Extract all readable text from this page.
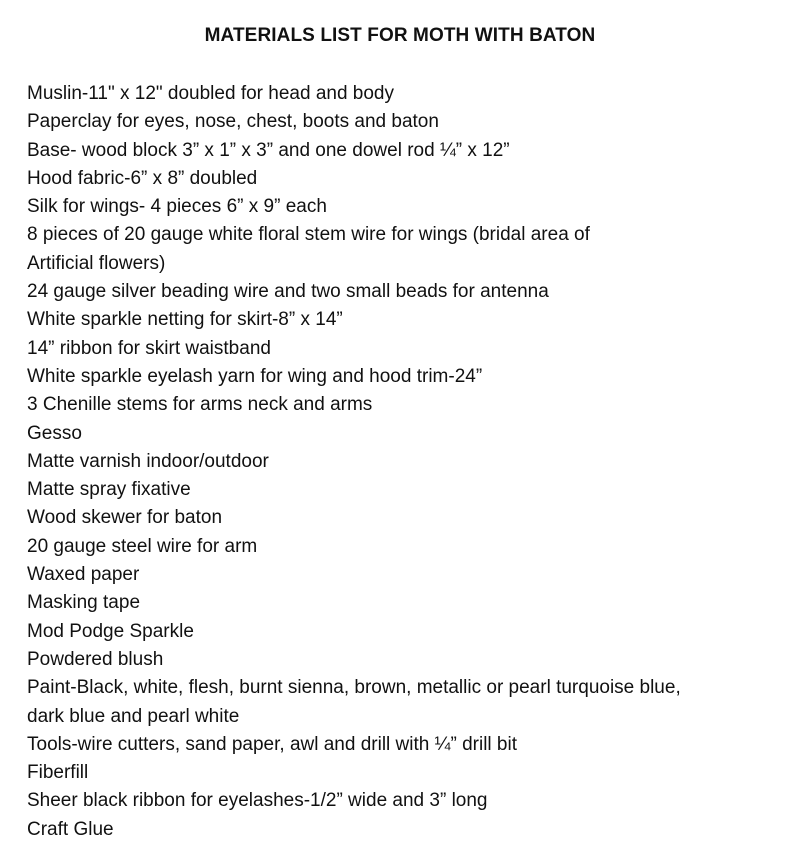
MATERIALS LIST FOR MOTH WITH BATON
Muslin-11" x 12" doubled for head and body
Paperclay for eyes, nose, chest, boots and baton
Base- wood block 3” x 1” x 3” and one dowel rod ¼” x 12”
Hood fabric-6” x 8” doubled
Silk for wings- 4 pieces 6” x 9” each
8 pieces of 20 gauge white floral stem wire for wings (bridal area of
Artificial flowers)
24 gauge silver beading wire and two small beads for antenna
White sparkle netting for skirt-8” x 14”
14” ribbon for skirt waistband
White sparkle eyelash yarn for wing and hood trim-24”
3 Chenille stems for arms neck and arms
Gesso
Matte varnish indoor/outdoor
Matte spray fixative
Wood skewer for baton
20 gauge steel wire for arm
Waxed paper
Masking tape
Mod Podge Sparkle
Powdered blush
Paint-Black, white, flesh, burnt sienna, brown, metallic or pearl turquoise blue,
dark blue and pearl white
Tools-wire cutters, sand paper, awl and drill with ¼” drill bit
Fiberfill
Sheer black ribbon for eyelashes-1/2” wide and 3” long
Craft Glue
